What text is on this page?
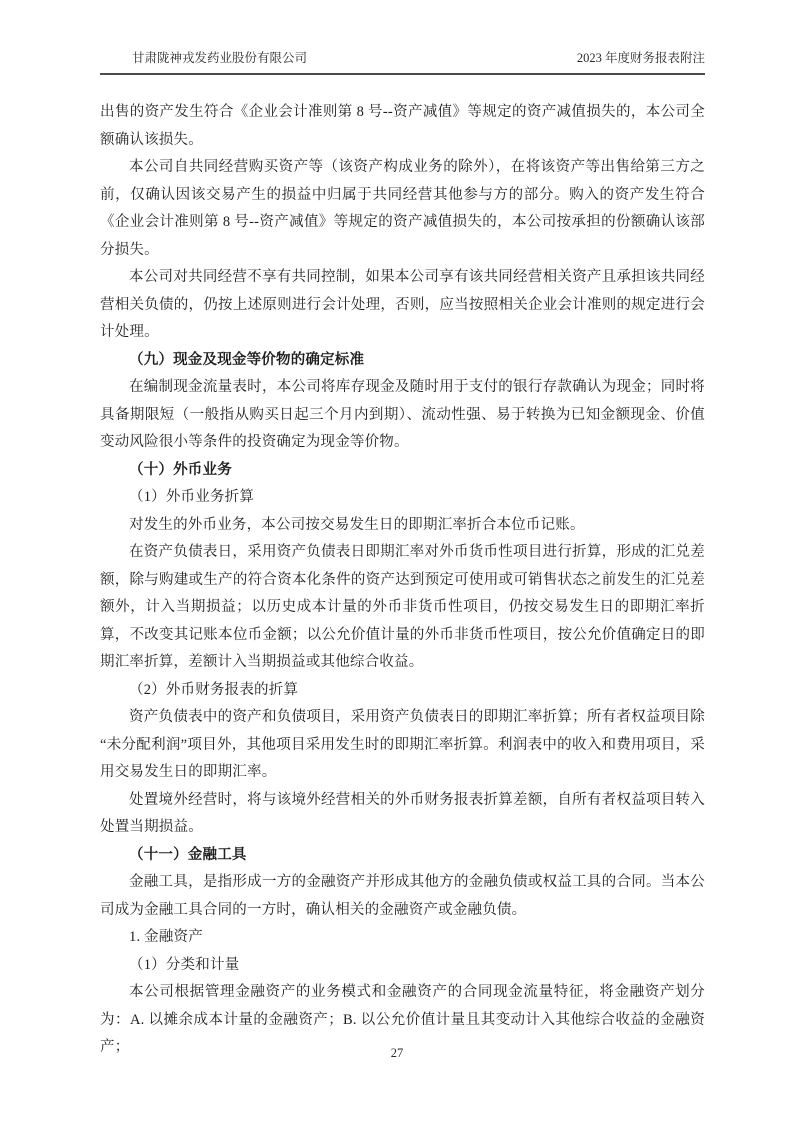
甘肃陇神戎发药业股份有限公司	2023 年度财务报表附注

出售的资产发生符合《企业会计准则第 8 号--资产减值》等规定的资产减值损失的，本公司全额确认该损失。

本公司自共同经营购买资产等（该资产构成业务的除外），在将该资产等出售给第三方之前，仅确认因该交易产生的损益中归属于共同经营其他参与方的部分。购入的资产发生符合《企业会计准则第 8 号--资产减值》等规定的资产减值损失的，本公司按承担的份额确认该部分损失。

本公司对共同经营不享有共同控制，如果本公司享有该共同经营相关资产且承担该共同经营相关负债的，仍按上述原则进行会计处理，否则，应当按照相关企业会计准则的规定进行会计处理。

（九）现金及现金等价物的确定标准

在编制现金流量表时，本公司将库存现金及随时用于支付的银行存款确认为现金；同时将具备期限短（一般指从购买日起三个月内到期）、流动性强、易于转换为已知金额现金、价值变动风险很小等条件的投资确定为现金等价物。

（十）外币业务

（1）外币业务折算

对发生的外币业务，本公司按交易发生日的即期汇率折合本位币记账。

在资产负债表日，采用资产负债表日即期汇率对外币货币性项目进行折算，形成的汇兑差额，除与购建或生产的符合资本化条件的资产达到预定可使用或可销售状态之前发生的汇兑差额外，计入当期损益；以历史成本计量的外币非货币性项目，仍按交易发生日的即期汇率折算，不改变其记账本位币金额；以公允价值计量的外币非货币性项目，按公允价值确定日的即期汇率折算，差额计入当期损益或其他综合收益。

（2）外币财务报表的折算

资产负债表中的资产和负债项目，采用资产负债表日的即期汇率折算；所有者权益项目除“未分配利润”项目外，其他项目采用发生时的即期汇率折算。利润表中的收入和费用项目，采用交易发生日的即期汇率。

处置境外经营时，将与该境外经营相关的外币财务报表折算差额，自所有者权益项目转入处置当期损益。

（十一）金融工具

金融工具，是指形成一方的金融资产并形成其他方的金融负债或权益工具的合同。当本公司成为金融工具合同的一方时，确认相关的金融资产或金融负债。

1. 金融资产

（1）分类和计量

本公司根据管理金融资产的业务模式和金融资产的合同现金流量特征，将金融资产划分为：A. 以摊余成本计量的金融资产；B. 以公允价值计量且其变动计入其他综合收益的金融资产；	27
